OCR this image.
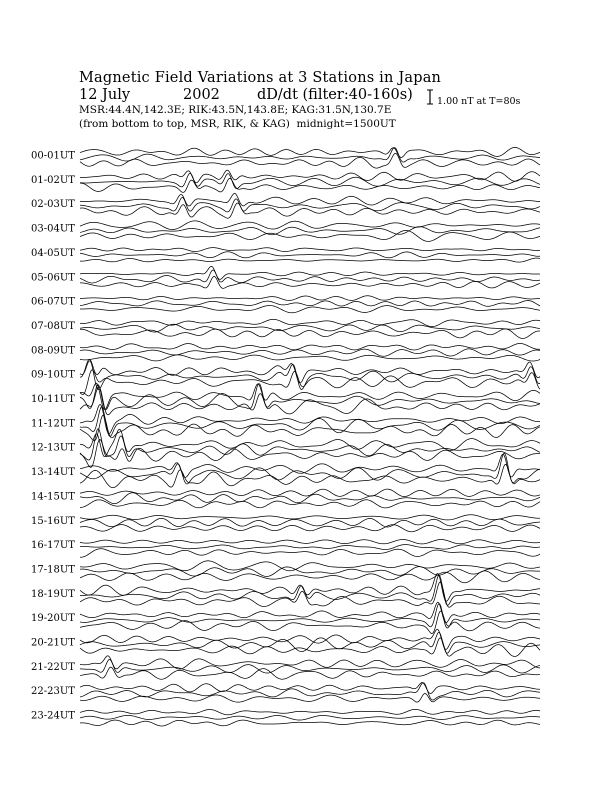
Magnetic Field Variations at 3 Stations in Japan
12 July	2002	dD/dt (filter:40-160s)
MSR:44.4N,142.3E; RIK:43.5N,143.8E; KAG:31.5N,130.7E
(from bottom to top, MSR, RIK, & KAG) midnight=1500UT
1.00 nT at T=80s
00-01UT
01-02UT
02-03UT
03-04UT
04-05UT
05-06UT
06-07UT
07-08UT
08-09UT
09-10UT
10-11UT
11-12UT
12-13UT
13-14UT
14-15UT
15-16UT
16-17UT
17-18UT
18-19UT
19-20UT
20-21UT
21-22UT
22-23UT
23-24UT
